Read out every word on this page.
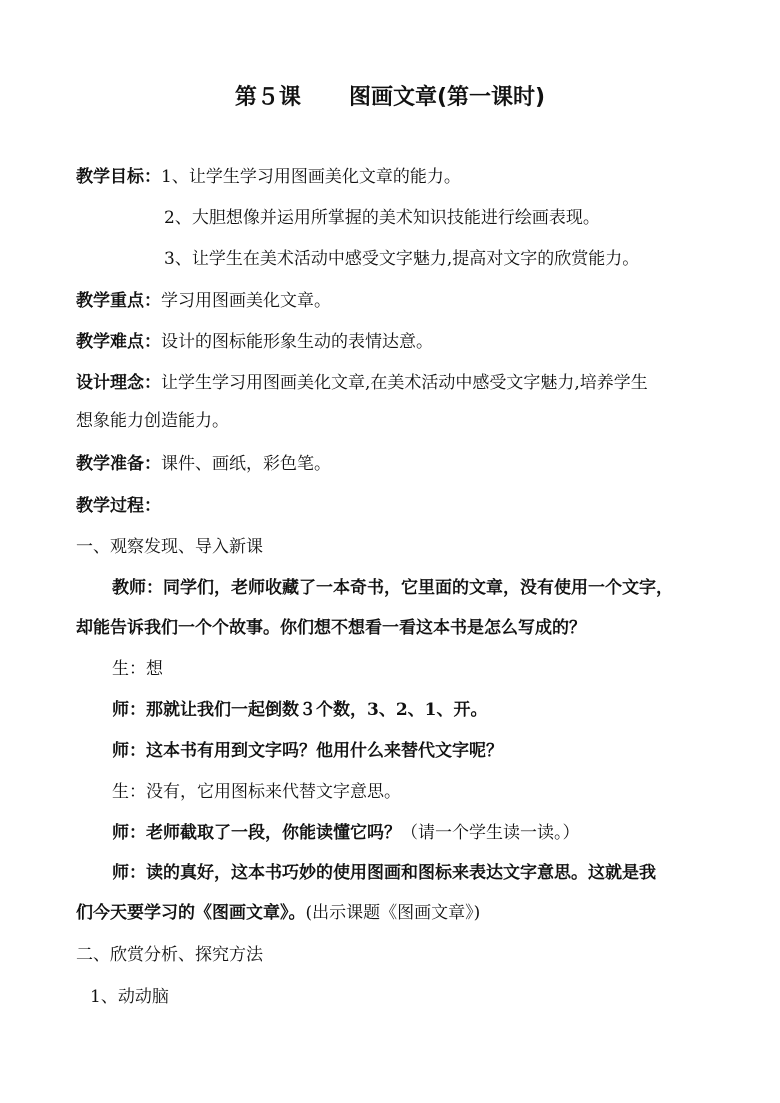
第５课 图画文章(第一课时)
教学目标：1、让学生学习用图画美化文章的能力。
2、大胆想像并运用所掌握的美术知识技能进行绘画表现。
3、让学生在美术活动中感受文字魅力,提高对文字的欣赏能力。
教学重点：学习用图画美化文章。
教学难点：设计的图标能形象生动的表情达意。
设计理念：让学生学习用图画美化文章,在美术活动中感受文字魅力,培养学生
想象能力创造能力。
教学准备：课件、画纸，彩色笔。
教学过程：
一、观察发现、导入新课
教师：同学们，老师收藏了一本奇书，它里面的文章，没有使用一个文字，
却能告诉我们一个个故事。你们想不想看一看这本书是怎么写成的？
生：想
师：那就让我们一起倒数３个数，3、2、1、开。
师：这本书有用到文字吗？他用什么来替代文字呢？
生：没有，它用图标来代替文字意思。
师：老师截取了一段，你能读懂它吗？（请一个学生读一读。）
师：读的真好，这本书巧妙的使用图画和图标来表达文字意思。这就是我
们今天要学习的《图画文章》。(出示课题《图画文章》)
二、欣赏分析、探究方法
1、动动脑
